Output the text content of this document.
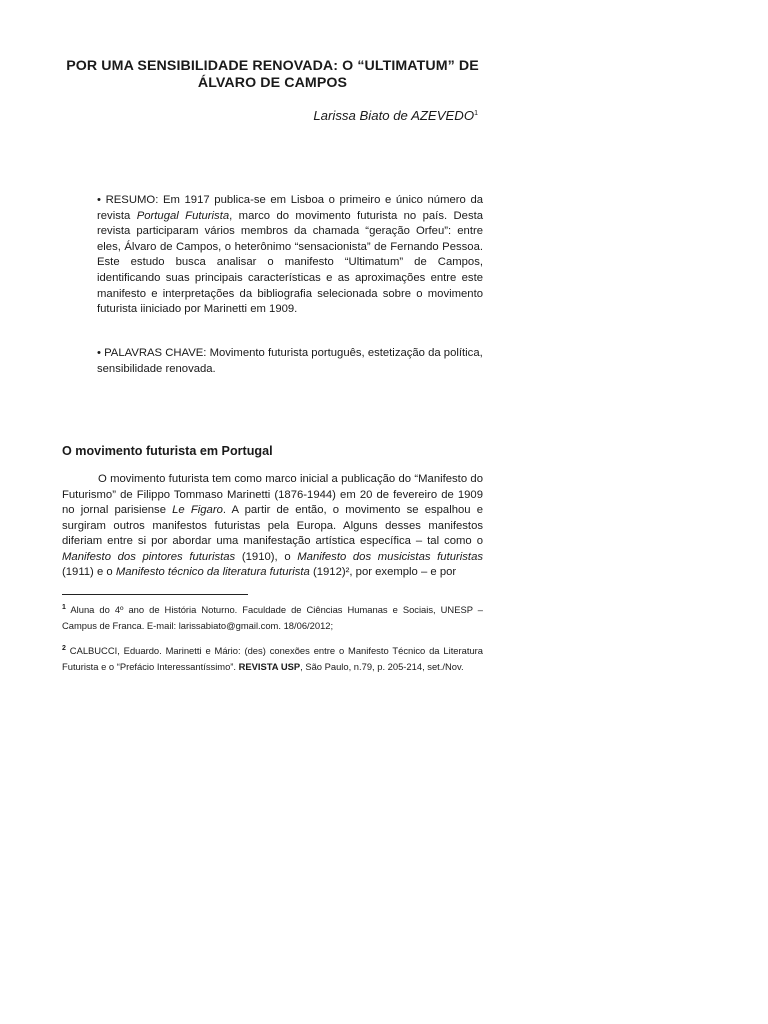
POR UMA SENSIBILIDADE RENOVADA: O “ULTIMATUM” DE
ÁLVARO DE CAMPOS
Larissa Biato de AZEVEDO$^1$
• RESUMO: Em 1917 publica-se em Lisboa o primeiro e único número da revista Portugal Futurista, marco do movimento futurista no país. Desta revista participaram vários membros da chamada “geração Orfeu”: entre eles, Álvaro de Campos, o heterônimo “sensacionista” de Fernando Pessoa. Este estudo busca analisar o manifesto “Ultimatum” de Campos, identificando suas principais características e as aproximações entre este manifesto e interpretações da bibliografia selecionada sobre o movimento futurista iiniciado por Marinetti em 1909.
• PALAVRAS CHAVE: Movimento futurista português, estetização da política, sensibilidade renovada.
O movimento futurista em Portugal

O movimento futurista tem como marco inicial a publicação do “Manifesto do Futurismo” de Filippo Tommaso Marinetti (1876-1944) em 20 de fevereiro de 1909 no jornal parisiense Le Figaro. A partir de então, o movimento se espalhou e surgiram outros manifestos futuristas pela Europa. Alguns desses manifestos diferiam entre si por abordar uma manifestação artística específica – tal como o Manifesto dos pintores futuristas (1910), o Manifesto dos musicistas futuristas (1911) e o Manifesto técnico da literatura futurista (1912)², por exemplo – e por

$^1$ Aluna do 4º ano de História Noturno. Faculdade de Ciências Humanas e Sociais, UNESP – Campus de Franca. E-mail: larissabiato@gmail.com. 18/06/2012;
$^2$ CALBUCCI, Eduardo. Marinetti e Mário: (des) conexões entre o Manifesto Técnico da Literatura Futurista e o “Prefácio Interessantíssimo”. REVISTA USP, São Paulo, n.79, p. 205-214, set./Nov.
